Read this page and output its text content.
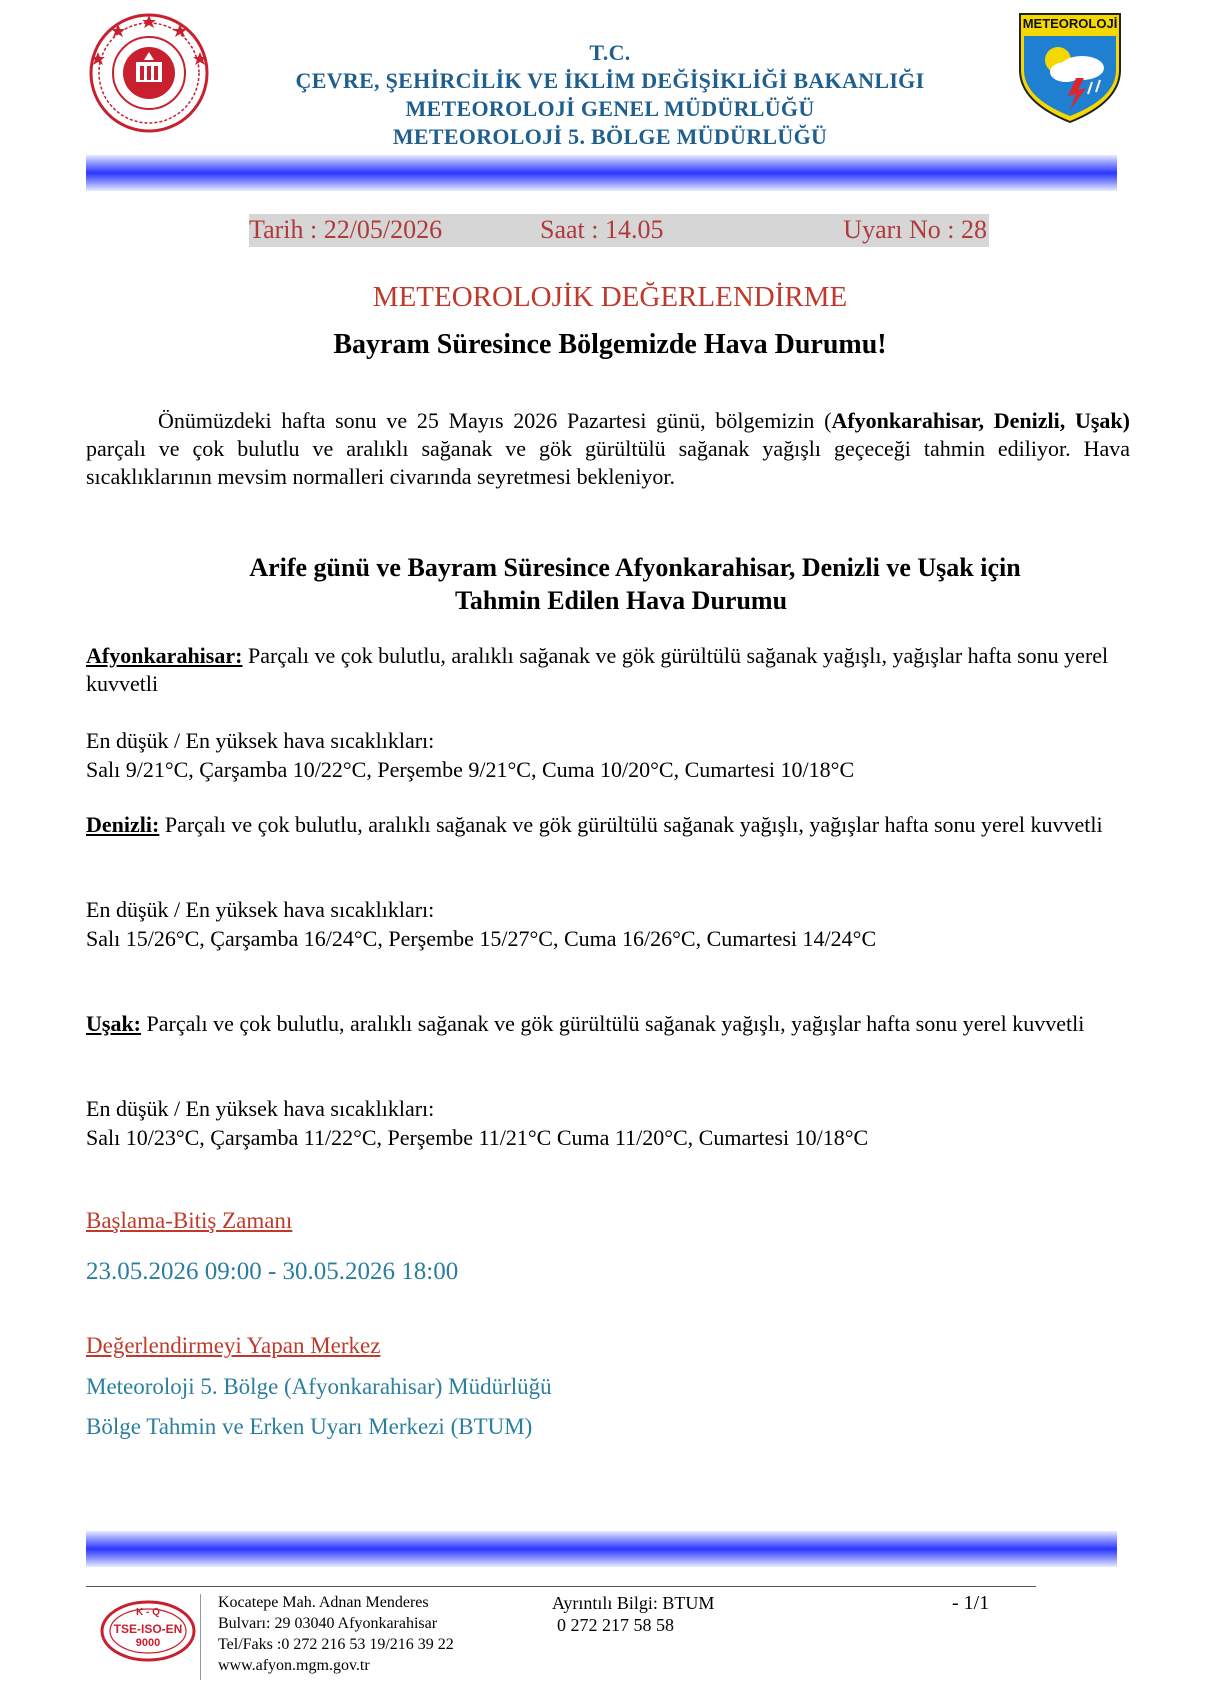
T.C.
ÇEVRE, ŞEHİRCİLİK VE İKLİM DEĞİŞİKLİĞİ BAKANLIĞI
METEOROLOJİ GENEL MÜDÜRLÜĞÜ
METEOROLOJİ 5. BÖLGE MÜDÜRLÜĞÜ
METEOROLOJİ
Tarih : 22/05/2026	Saat : 14.05	Uyarı No : 28
METEOROLOJİK DEĞERLENDİRME
Bayram Süresince Bölgemizde Hava Durumu!
Önümüzdeki hafta sonu ve 25 Mayıs 2026 Pazartesi günü, bölgemizin (Afyonkarahisar, Denizli, Uşak) parçalı ve çok bulutlu ve aralıklı sağanak ve gök gürültülü sağanak yağışlı geçeceği tahmin ediliyor. Hava sıcaklıklarının mevsim normalleri civarında seyretmesi bekleniyor.
Arife günü ve Bayram Süresince Afyonkarahisar, Denizli ve Uşak için
Tahmin Edilen Hava Durumu
Afyonkarahisar: Parçalı ve çok bulutlu, aralıklı sağanak ve gök gürültülü sağanak yağışlı, yağışlar hafta sonu yerel kuvvetli
En düşük / En yüksek hava sıcaklıkları:
Salı 9/21°C, Çarşamba 10/22°C, Perşembe 9/21°C, Cuma 10/20°C, Cumartesi 10/18°C
Denizli: Parçalı ve çok bulutlu, aralıklı sağanak ve gök gürültülü sağanak yağışlı, yağışlar hafta sonu yerel kuvvetli
En düşük / En yüksek hava sıcaklıkları:
Salı 15/26°C, Çarşamba 16/24°C, Perşembe 15/27°C, Cuma 16/26°C, Cumartesi 14/24°C
Uşak: Parçalı ve çok bulutlu, aralıklı sağanak ve gök gürültülü sağanak yağışlı, yağışlar hafta sonu yerel kuvvetli
En düşük / En yüksek hava sıcaklıkları:
Salı 10/23°C, Çarşamba 11/22°C, Perşembe 11/21°C Cuma 11/20°C, Cumartesi 10/18°C
Başlama-Bitiş Zamanı
23.05.2026 09:00 - 30.05.2026 18:00
Değerlendirmeyi Yapan Merkez
Meteoroloji 5. Bölge (Afyonkarahisar) Müdürlüğü
Bölge Tahmin ve Erken Uyarı Merkezi (BTUM)
K - Q
TSE-ISO-EN
9000
Kocatepe Mah. Adnan Menderes
Bulvarı: 29 03040 Afyonkarahisar
Tel/Faks :0 272 216 53 19/216 39 22
www.afyon.mgm.gov.tr
Ayrıntılı Bilgi: BTUM
0 272 217 58 58
- 1/1
